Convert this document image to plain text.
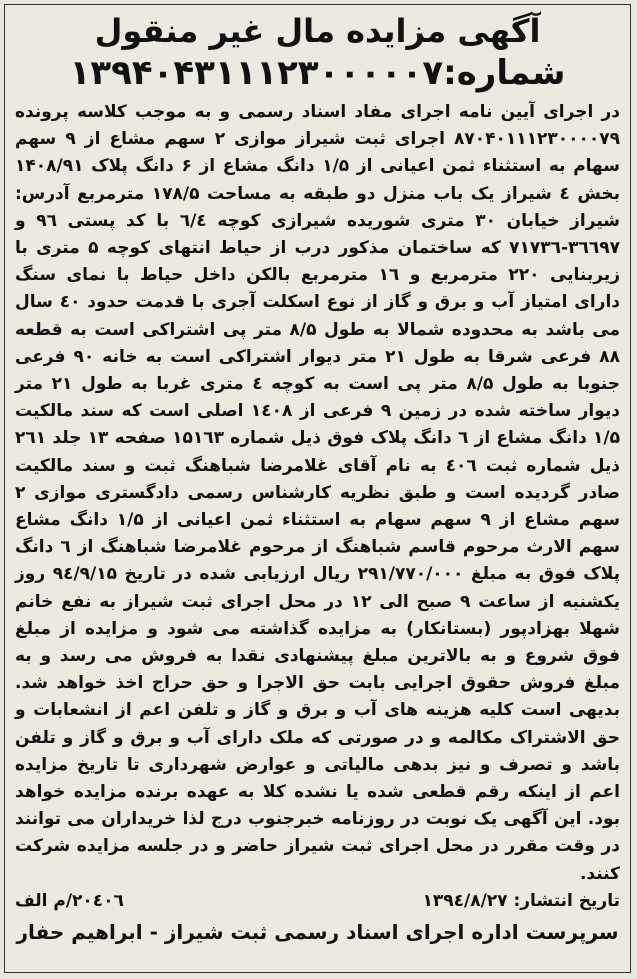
آگهی مزایده مال غیر منقول
شماره:۱۳۹۴۰۴۳۱۱۱۲۳۰۰۰۰۰۷

در اجرای آیین نامه اجرای مفاد اسناد رسمی و به موجب کلاسه پرونده ۸۷۰۴۰۱۱۱۲۳۰۰۰۰۷۹ اجرای ثبت شیراز موازی ۲ سهم مشاع از ۹ سهم سهام به استثناء ثمن اعیانی از ۱/۵ دانگ مشاع از ۶ دانگ پلاک ۱۴۰۸/۹۱ بخش ٤ شیراز یک باب منزل دو طبقه به مساحت ۱۷۸/۵ مترمربع آدرس: شیراز خیابان ۳۰ متری شوریده شیرازی کوچه ٦/٤ با کد پستی ۹٦ و ۳٦٦۹۷-۷۱۷۳٦ که ساختمان مذکور درب از حیاط انتهای کوچه ۵ متری با زیربنایی ۲۲۰ مترمربع و ۱٦ مترمربع بالکن داخل حیاط با نمای سنگ دارای امتیاز آب و برق و گاز از نوع اسکلت آجری با قدمت حدود ٤۰ سال می باشد به محدوده شمالا به طول ۸/۵ متر پی اشتراکی است به قطعه ۸۸ فرعی شرقا به طول ۲۱ متر دیوار اشتراکی است به خانه ۹۰ فرعی جنوبا به طول ۸/۵ متر پی است به کوچه ٤ متری غربا به طول ۲۱ متر دیوار ساخته شده در زمین ۹ فرعی از ۱٤۰۸ اصلی است که سند مالکیت ۱/۵ دانگ مشاع از ٦ دانگ پلاک فوق ذیل شماره ۱۵۱٦۳ صفحه ۱۳ جلد ۲٦۱ ذیل شماره ثبت ٤۰٦ به نام آقای غلامرضا شباهنگ ثبت و سند مالکیت صادر گردیده است و طبق نظریه کارشناس رسمی دادگستری موازی ۲ سهم مشاع از ۹ سهم سهام به استثناء ثمن اعیانی از ۱/۵ دانگ مشاع سهم الارث مرحوم قاسم شباهنگ از مرحوم غلامرضا شباهنگ از ٦ دانگ پلاک فوق به مبلغ ۲۹۱/۷۷۰/۰۰۰ ریال ارزیابی شده در تاریخ ۹٤/۹/۱۵ روز یکشنبه از ساعت ۹ صبح الی ۱۲ در محل اجرای ثبت شیراز به نفع خانم شهلا بهزادپور (بستانکار) به مزایده گذاشته می شود و مزایده از مبلغ فوق شروع و به بالاترین مبلغ پیشنهادی نقدا به فروش می رسد و به مبلغ فروش حقوق اجرایی بابت حق الاجرا و حق حراج اخذ خواهد شد. بدیهی است کلیه هزینه های آب و برق و گاز و تلفن اعم از انشعابات و حق الاشتراک مکالمه و در صورتی که ملک دارای آب و برق و گاز و تلفن باشد و تصرف و نیز بدهی مالیاتی و عوارض شهرداری تا تاریخ مزایده اعم از اینکه رقم قطعی شده یا نشده کلا به عهده برنده مزایده خواهد بود. این آگهی یک نوبت در روزنامه خبرجنوب درج لذا خریداران می توانند در وقت مقرر در محل اجرای ثبت شیراز حاضر و در جلسه مزایده شرکت کنند.

تاریخ انتشار: ۱۳۹٤/۸/۲۷
۲۰٤۰٦/م الف
سرپرست اداره اجرای اسناد رسمی ثبت شیراز - ابراهیم حفار
